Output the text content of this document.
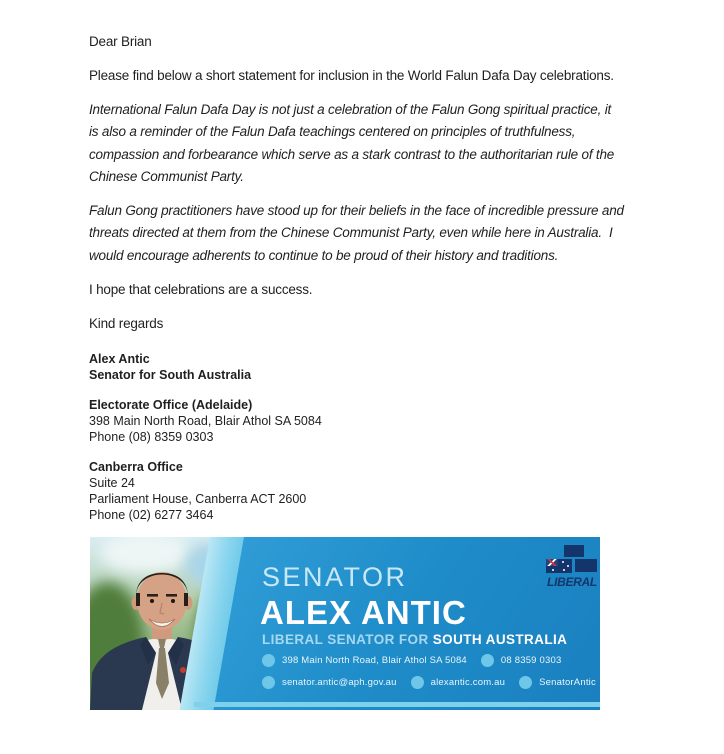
Dear Brian
Please find below a short statement for inclusion in the World Falun Dafa Day celebrations.
International Falun Dafa Day is not just a celebration of the Falun Gong spiritual practice, it
is also a reminder of the Falun Dafa teachings centered on principles of truthfulness,
compassion and forbearance which serve as a stark contrast to the authoritarian rule of the
Chinese Communist Party.
Falun Gong practitioners have stood up for their beliefs in the face of incredible pressure and
threats directed at them from the Chinese Communist Party, even while here in Australia.  I
would encourage adherents to continue to be proud of their history and traditions.
I hope that celebrations are a success.
Kind regards
Alex Antic
Senator for South Australia
Electorate Office (Adelaide)
398 Main North Road, Blair Athol SA 5084
Phone (08) 8359 0303
Canberra Office
Suite 24
Parliament House, Canberra ACT 2600
Phone (02) 6277 3464
SENATOR
ALEX ANTIC
LIBERAL SENATOR FOR SOUTH AUSTRALIA
398 Main North Road, Blair Athol SA 5084	08 8359 0303
senator.antic@aph.gov.au	alexantic.com.au	SenatorAntic
LIBERAL
